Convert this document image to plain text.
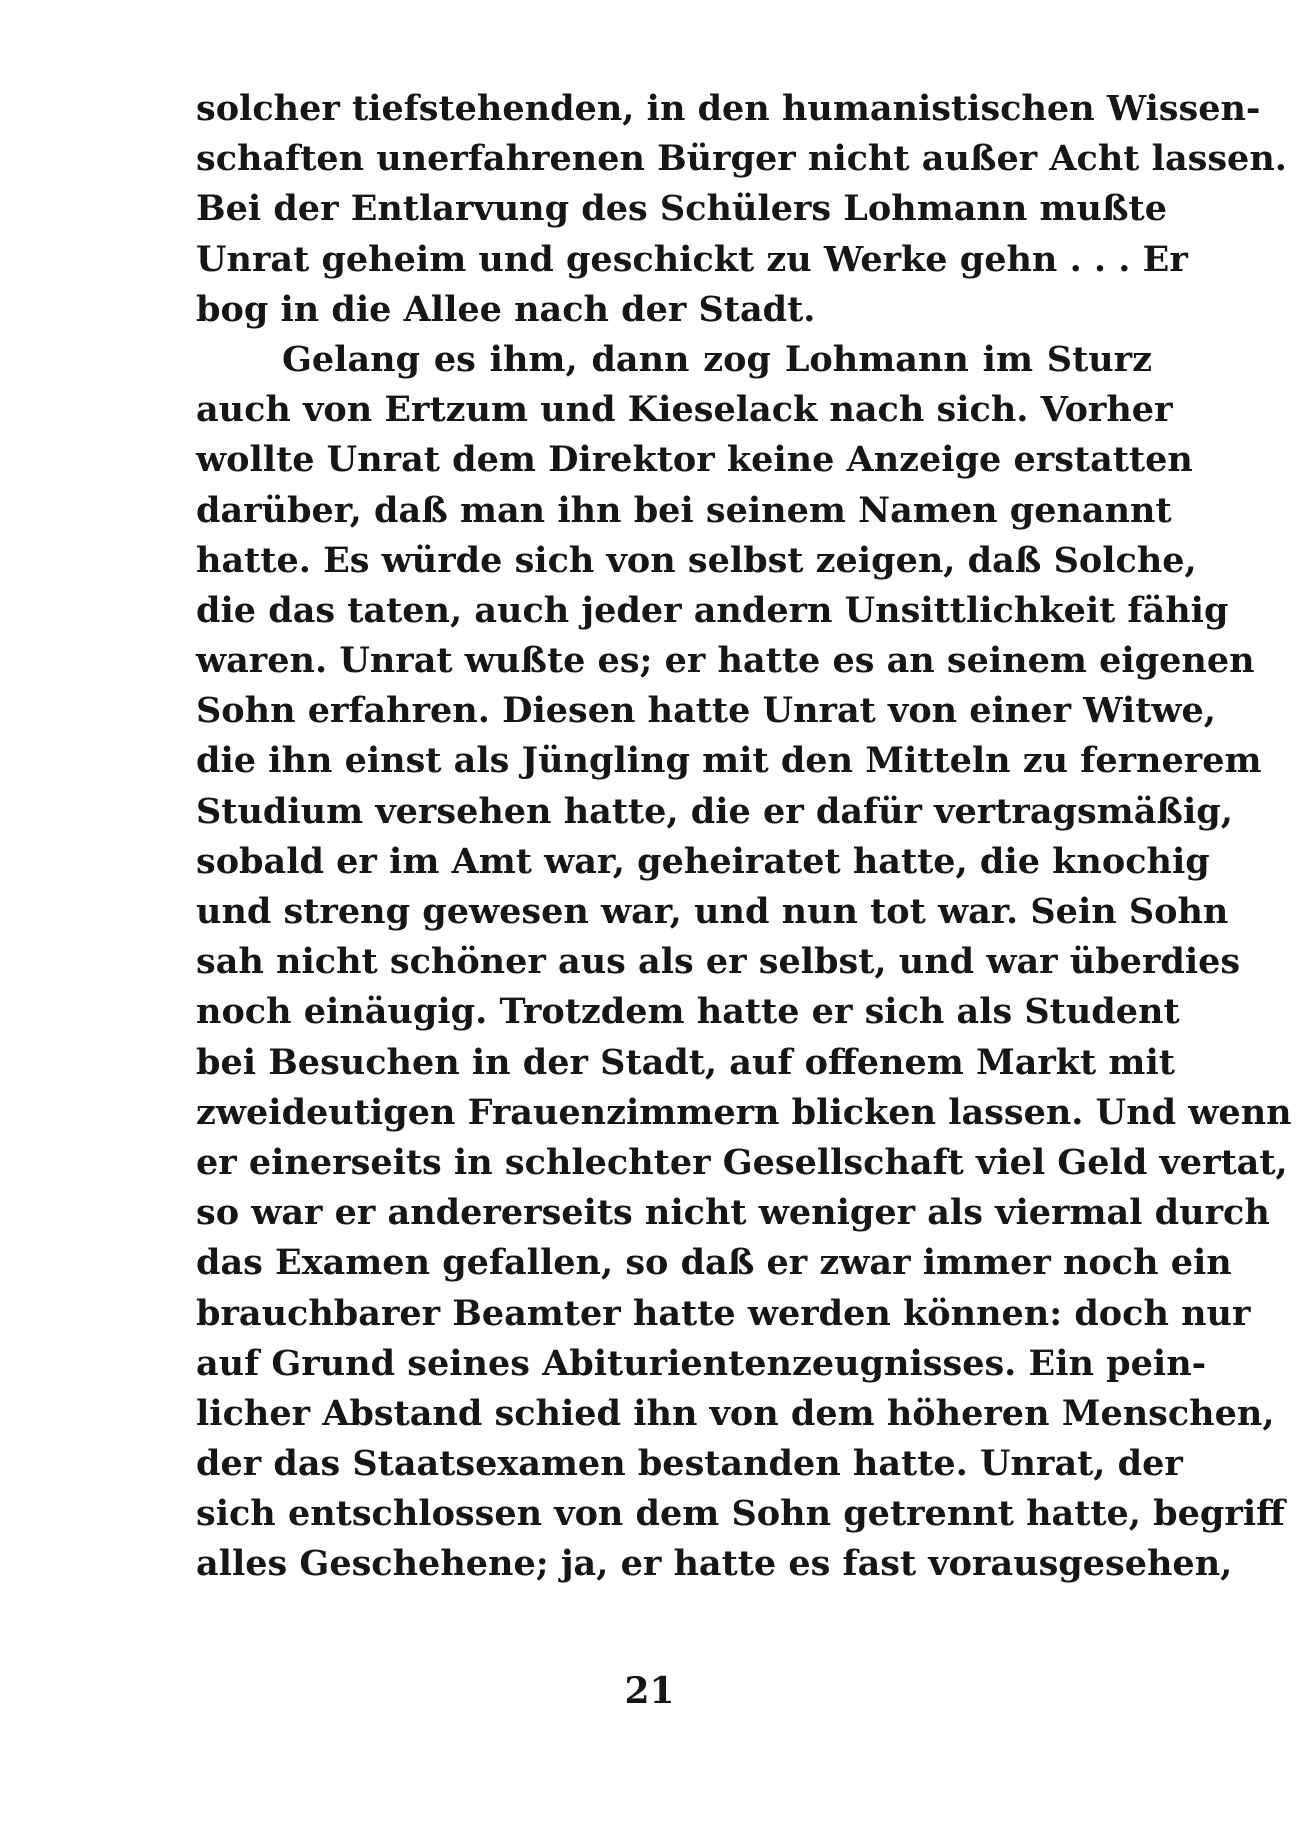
solcher tiefstehenden, in den humanistischen Wissen-
schaften unerfahrenen Bürger nicht außer Acht lassen.
Bei der Entlarvung des Schülers Lohmann mußte
Unrat geheim und geschickt zu Werke gehn . . . Er
bog in die Allee nach der Stadt.
Gelang es ihm, dann zog Lohmann im Sturz
auch von Ertzum und Kieselack nach sich. Vorher
wollte Unrat dem Direktor keine Anzeige erstatten
darüber, daß man ihn bei seinem Namen genannt
hatte. Es würde sich von selbst zeigen, daß Solche,
die das taten, auch jeder andern Unsittlichkeit fähig
waren. Unrat wußte es; er hatte es an seinem eigenen
Sohn erfahren. Diesen hatte Unrat von einer Witwe,
die ihn einst als Jüngling mit den Mitteln zu fernerem
Studium versehen hatte, die er dafür vertragsmäßig,
sobald er im Amt war, geheiratet hatte, die knochig
und streng gewesen war, und nun tot war. Sein Sohn
sah nicht schöner aus als er selbst, und war überdies
noch einäugig. Trotzdem hatte er sich als Student
bei Besuchen in der Stadt, auf offenem Markt mit
zweideutigen Frauenzimmern blicken lassen. Und wenn
er einerseits in schlechter Gesellschaft viel Geld vertat,
so war er andererseits nicht weniger als viermal durch
das Examen gefallen, so daß er zwar immer noch ein
brauchbarer Beamter hatte werden können: doch nur
auf Grund seines Abiturientenzeugnisses. Ein pein-
licher Abstand schied ihn von dem höheren Menschen,
der das Staatsexamen bestanden hatte. Unrat, der
sich entschlossen von dem Sohn getrennt hatte, begriff
alles Geschehene; ja, er hatte es fast vorausgesehen,
21
